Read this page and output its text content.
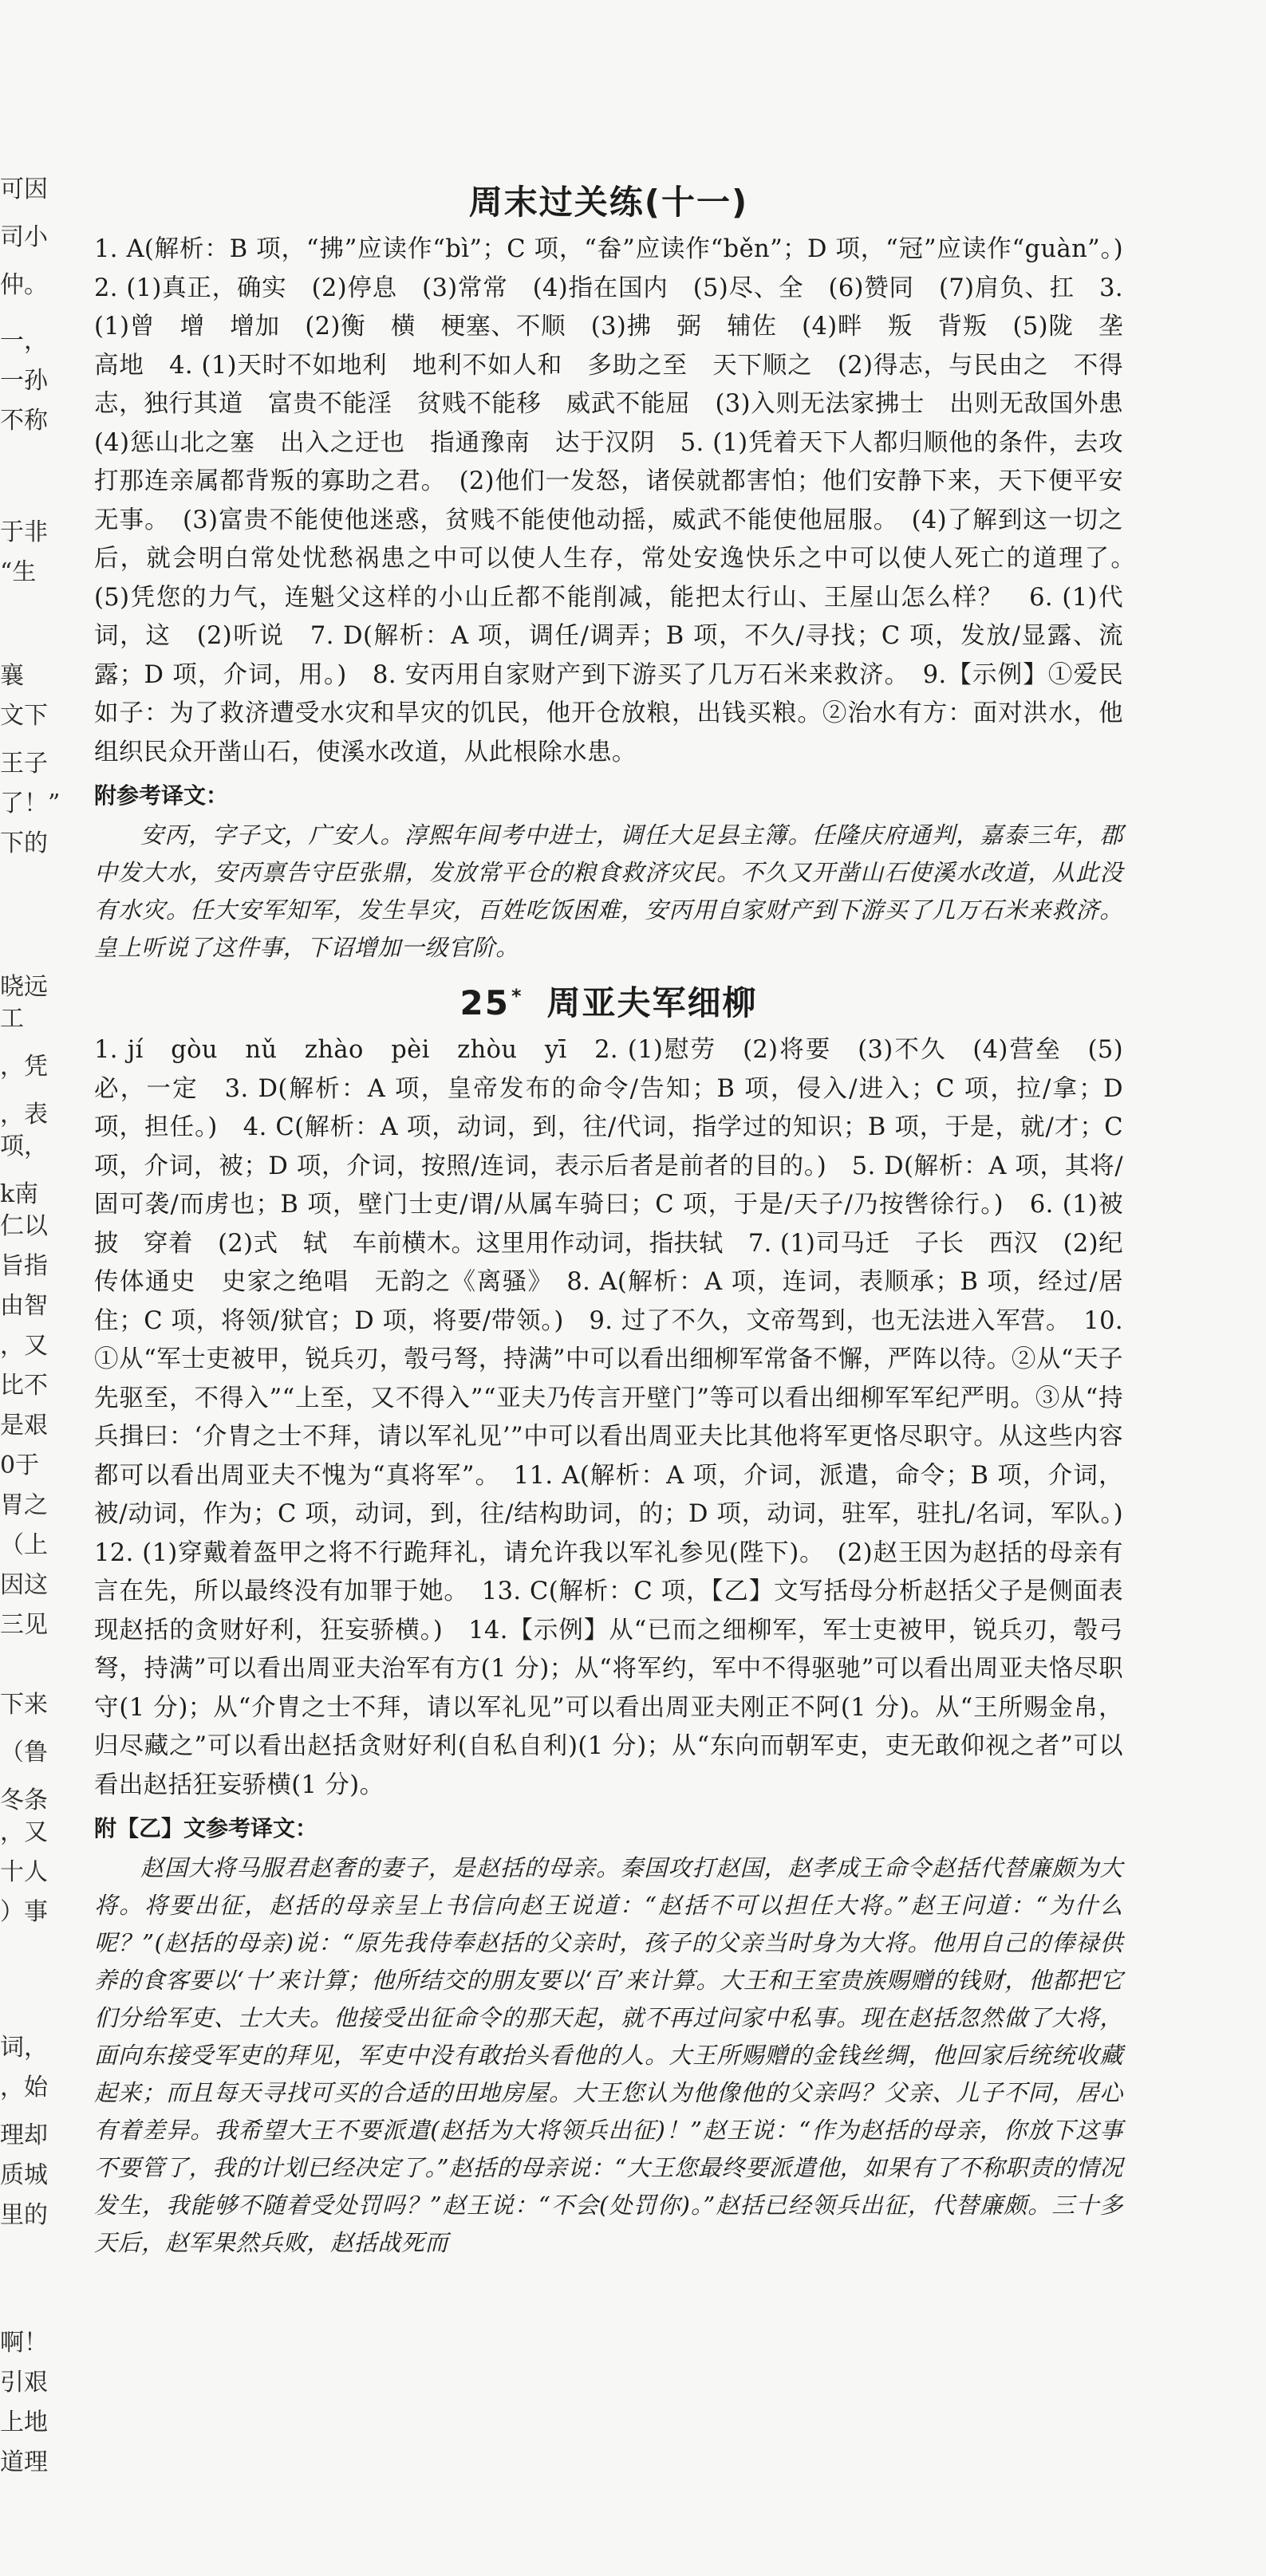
可因
司小
仲。
一，
一孙
不称
于非
“生
襄
文下
王子
了！”
下的
晓远
工
，凭
，表
项，
k南
仁以
旨指
由智
，又
比不
是艰
0于
胃之
（上
因这
三见
下来
（鲁
冬条
，又
十人
）事
词，
，始
理却
质城
里的
啊！
引艰
上地
道理
周末过关练(十一)

1. A(解析：B 项，“拂”应读作“bì”；C 项，“畚”应读作“běn”；D 项，“冠”应读作“guàn”。)　2. (1)真正，确实　(2)停息　(3)常常　(4)指在国内　(5)尽、全　(6)赞同　(7)肩负、扛　3. (1)曾　增　增加　(2)衡　横　梗塞、不顺　(3)拂　弼　辅佐　(4)畔　叛　背叛　(5)陇　垄　高地　4. (1)天时不如地利　地利不如人和　多助之至　天下顺之　(2)得志，与民由之　不得志，独行其道　富贵不能淫　贫贱不能移　威武不能屈　(3)入则无法家拂士　出则无敌国外患　(4)惩山北之塞　出入之迂也　指通豫南　达于汉阴　5. (1)凭着天下人都归顺他的条件，去攻打那连亲属都背叛的寡助之君。　(2)他们一发怒，诸侯就都害怕；他们安静下来，天下便平安无事。　(3)富贵不能使他迷惑，贫贱不能使他动摇，威武不能使他屈服。　(4)了解到这一切之后，就会明白常处忧愁祸患之中可以使人生存，常处安逸快乐之中可以使人死亡的道理了。　(5)凭您的力气，连魁父这样的小山丘都不能削减，能把太行山、王屋山怎么样？　6. (1)代词，这　(2)听说　7. D(解析：A 项，调任/调弄；B 项，不久/寻找；C 项，发放/显露、流露；D 项，介词，用。)　8. 安丙用自家财产到下游买了几万石米来救济。　9.【示例】①爱民如子：为了救济遭受水灾和旱灾的饥民，他开仓放粮，出钱买粮。②治水有方：面对洪水，他组织民众开凿山石，使溪水改道，从此根除水患。

附参考译文：

安丙，字子文，广安人。淳熙年间考中进士，调任大足县主簿。任隆庆府通判，嘉泰三年，郡中发大水，安丙禀告守臣张鼎，发放常平仓的粮食救济灾民。不久又开凿山石使溪水改道，从此没有水灾。任大安军知军，发生旱灾，百姓吃饭困难，安丙用自家财产到下游买了几万石米来救济。皇上听说了这件事，下诏增加一级官阶。

25* 周亚夫军细柳

1. jí　gòu　nǔ　zhào　pèi　zhòu　yī　2. (1)慰劳　(2)将要　(3)不久　(4)营垒　(5)必，一定　3. D(解析：A 项，皇帝发布的命令/告知；B 项，侵入/进入；C 项，拉/拿；D 项，担任。)　4. C(解析：A 项，动词，到，往/代词，指学过的知识；B 项，于是，就/才；C 项，介词，被；D 项，介词，按照/连词，表示后者是前者的目的。)　5. D(解析：A 项，其将/固可袭/而虏也；B 项，壁门士吏/谓/从属车骑曰；C 项，于是/天子/乃按辔徐行。)　6. (1)被　披　穿着　(2)式　轼　车前横木。这里用作动词，指扶轼　7. (1)司马迁　子长　西汉　(2)纪传体通史　史家之绝唱　无韵之《离骚》　8. A(解析：A 项，连词，表顺承；B 项，经过/居住；C 项，将领/狱官；D 项，将要/带领。)　9. 过了不久，文帝驾到，也无法进入军营。　10. ①从“军士吏被甲，锐兵刃，彀弓弩，持满”中可以看出细柳军常备不懈，严阵以待。②从“天子先驱至，不得入”“上至，又不得入”“亚夫乃传言开壁门”等可以看出细柳军军纪严明。③从“持兵揖曰：‘介胄之士不拜，请以军礼见’”中可以看出周亚夫比其他将军更恪尽职守。从这些内容都可以看出周亚夫不愧为“真将军”。　11. A(解析：A 项，介词，派遣，命令；B 项，介词，被/动词，作为；C 项，动词，到，往/结构助词，的；D 项，动词，驻军，驻扎/名词，军队。)　12. (1)穿戴着盔甲之将不行跪拜礼，请允许我以军礼参见(陛下)。　(2)赵王因为赵括的母亲有言在先，所以最终没有加罪于她。　13. C(解析：C 项，【乙】文写括母分析赵括父子是侧面表现赵括的贪财好利，狂妄骄横。)　14.【示例】从“已而之细柳军，军士吏被甲，锐兵刃，彀弓弩，持满”可以看出周亚夫治军有方(1 分)；从“将军约，军中不得驱驰”可以看出周亚夫恪尽职守(1 分)；从“介胄之士不拜，请以军礼见”可以看出周亚夫刚正不阿(1 分)。从“王所赐金帛，归尽藏之”可以看出赵括贪财好利(自私自利)(1 分)；从“东向而朝军吏，吏无敢仰视之者”可以看出赵括狂妄骄横(1 分)。

附【乙】文参考译文：

赵国大将马服君赵奢的妻子，是赵括的母亲。秦国攻打赵国，赵孝成王命令赵括代替廉颇为大将。将要出征，赵括的母亲呈上书信向赵王说道：“赵括不可以担任大将。”赵王问道：“为什么呢？”(赵括的母亲)说：“原先我侍奉赵括的父亲时，孩子的父亲当时身为大将。他用自己的俸禄供养的食客要以‘十’来计算；他所结交的朋友要以‘百’来计算。大王和王室贵族赐赠的钱财，他都把它们分给军吏、士大夫。他接受出征命令的那天起，就不再过问家中私事。现在赵括忽然做了大将，面向东接受军吏的拜见，军吏中没有敢抬头看他的人。大王所赐赠的金钱丝绸，他回家后统统收藏起来；而且每天寻找可买的合适的田地房屋。大王您认为他像他的父亲吗？父亲、儿子不同，居心有着差异。我希望大王不要派遣(赵括为大将领兵出征)！”赵王说：“作为赵括的母亲，你放下这事不要管了，我的计划已经决定了。”赵括的母亲说：“大王您最终要派遣他，如果有了不称职责的情况发生，我能够不随着受处罚吗？”赵王说：“不会(处罚你)。”赵括已经领兵出征，代替廉颇。三十多天后，赵军果然兵败，赵括战死而
